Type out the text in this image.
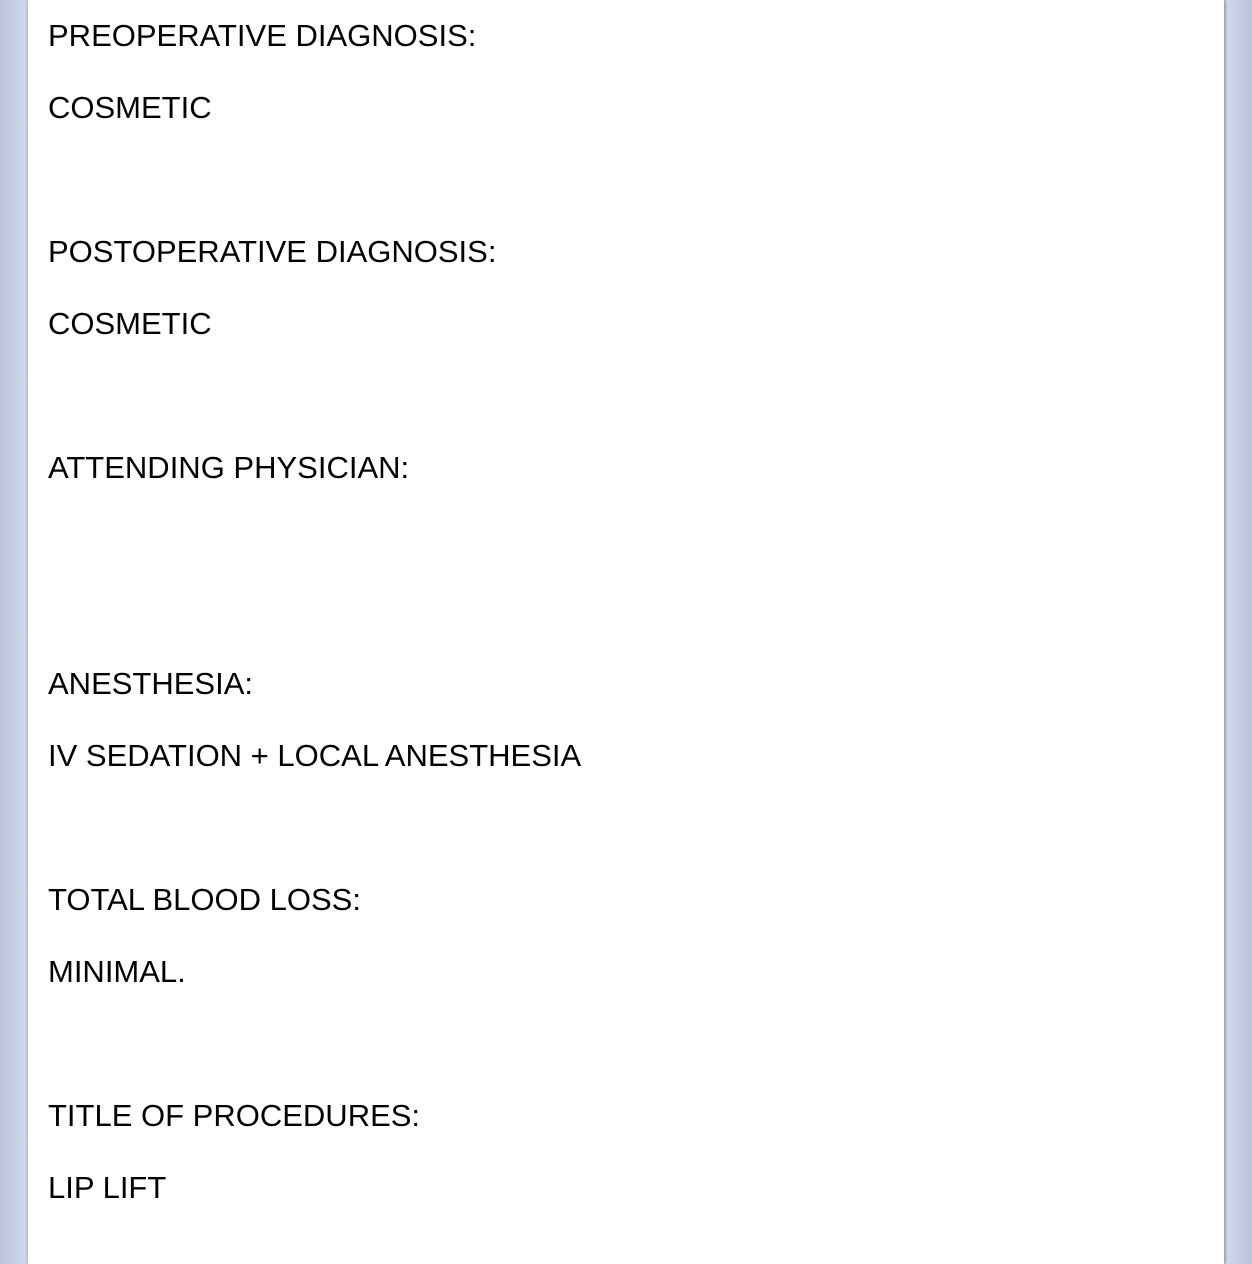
PREOPERATIVE DIAGNOSIS:

COSMETIC

POSTOPERATIVE DIAGNOSIS:

COSMETIC

ATTENDING PHYSICIAN:

ANESTHESIA:

IV SEDATION + LOCAL ANESTHESIA

TOTAL BLOOD LOSS:

MINIMAL.

TITLE OF PROCEDURES:

LIP LIFT
